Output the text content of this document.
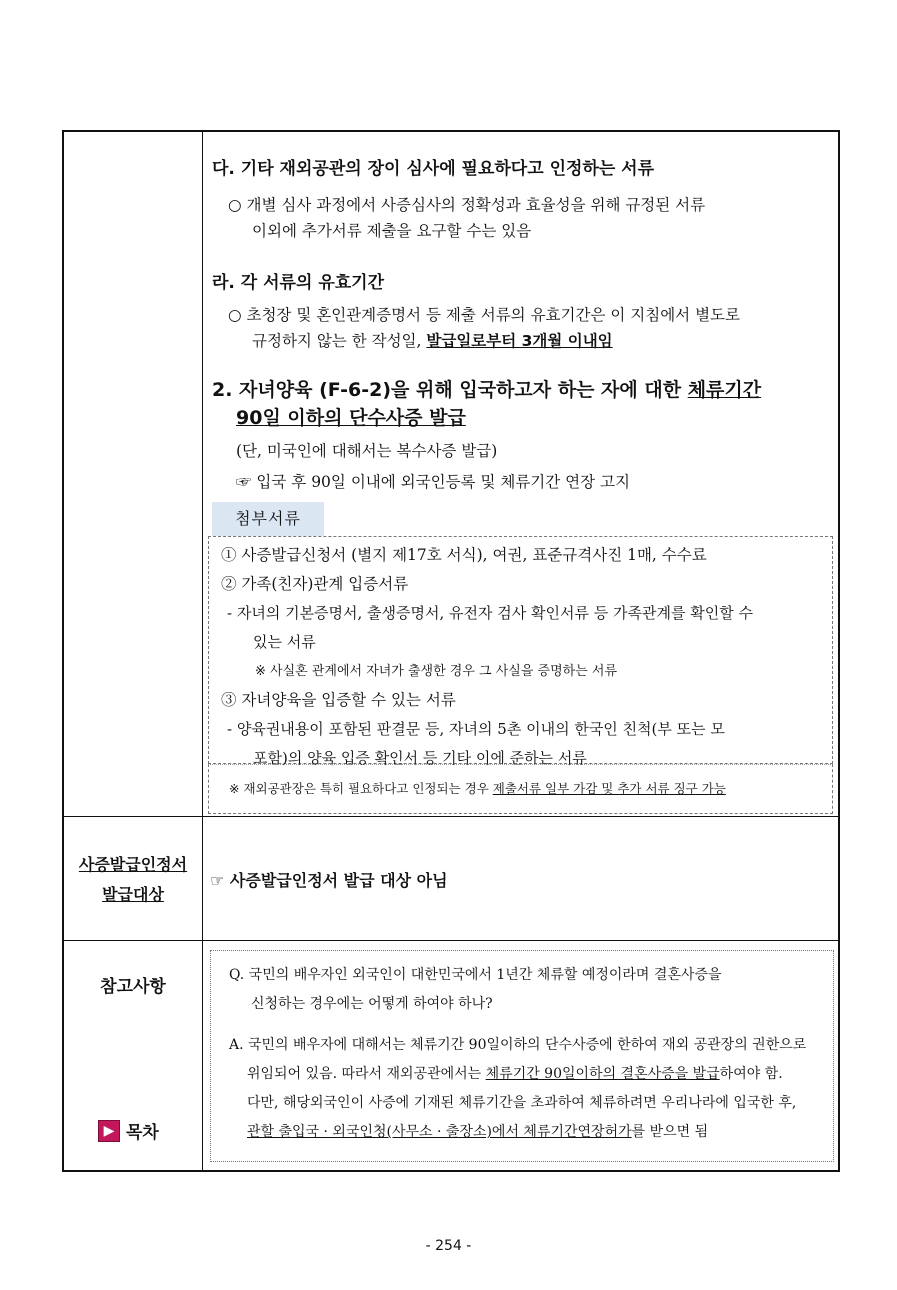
다. 기타 재외공관의 장이 심사에 필요하다고 인정하는 서류
○ 개별 심사 과정에서 사증심사의 정확성과 효율성을 위해 규정된 서류
이외에 추가서류 제출을 요구할 수는 있음
라. 각 서류의 유효기간
○ 초청장 및 혼인관계증명서 등 제출 서류의 유효기간은 이 지침에서 별도로
규정하지 않는 한 작성일, 발급일로부터 3개월 이내임
2. 자녀양육 (F-6-2)을 위해 입국하고자 하는 자에 대한 체류기간
90일 이하의 단수사증 발급
(단, 미국인에 대해서는 복수사증 발급)
☞ 입국 후 90일 이내에 외국인등록 및 체류기간 연장 고지
첨부서류
① 사증발급신청서 (별지 제17호 서식), 여권, 표준규격사진 1매, 수수료
② 가족(친자)관계 입증서류
- 자녀의 기본증명서, 출생증명서, 유전자 검사 확인서류 등 가족관계를 확인할 수
있는 서류
※ 사실혼 관계에서 자녀가 출생한 경우 그 사실을 증명하는 서류
③ 자녀양육을 입증할 수 있는 서류
- 양육권내용이 포함된 판결문 등, 자녀의 5촌 이내의 한국인 친척(부 또는 모
포함)의 양육 입증 확인서 등 기타 이에 준하는 서류
※ 재외공관장은 특히 필요하다고 인정되는 경우 제출서류 일부 가감 및 추가 서류 징구 가능
사증발급인정서
발급대상
☞ 사증발급인정서 발급 대상 아님
참고사항
Q. 국민의 배우자인 외국인이 대한민국에서 1년간 체류할 예정이라며 결혼사증을
신청하는 경우에는 어떻게 하여야 하나?
A. 국민의 배우자에 대해서는 체류기간 90일이하의 단수사증에 한하여 재외 공관장의 권한으로
위임되어 있음. 따라서 재외공관에서는 체류기간 90일이하의 결혼사증을 발급하여야 함.
다만, 해당외국인이 사증에 기재된 체류기간을 초과하여 체류하려면 우리나라에 입국한 후,
관할 출입국 · 외국인청(사무소 · 출장소)에서 체류기간연장허가를 받으면 됨
▶ 목차
- 254 -
